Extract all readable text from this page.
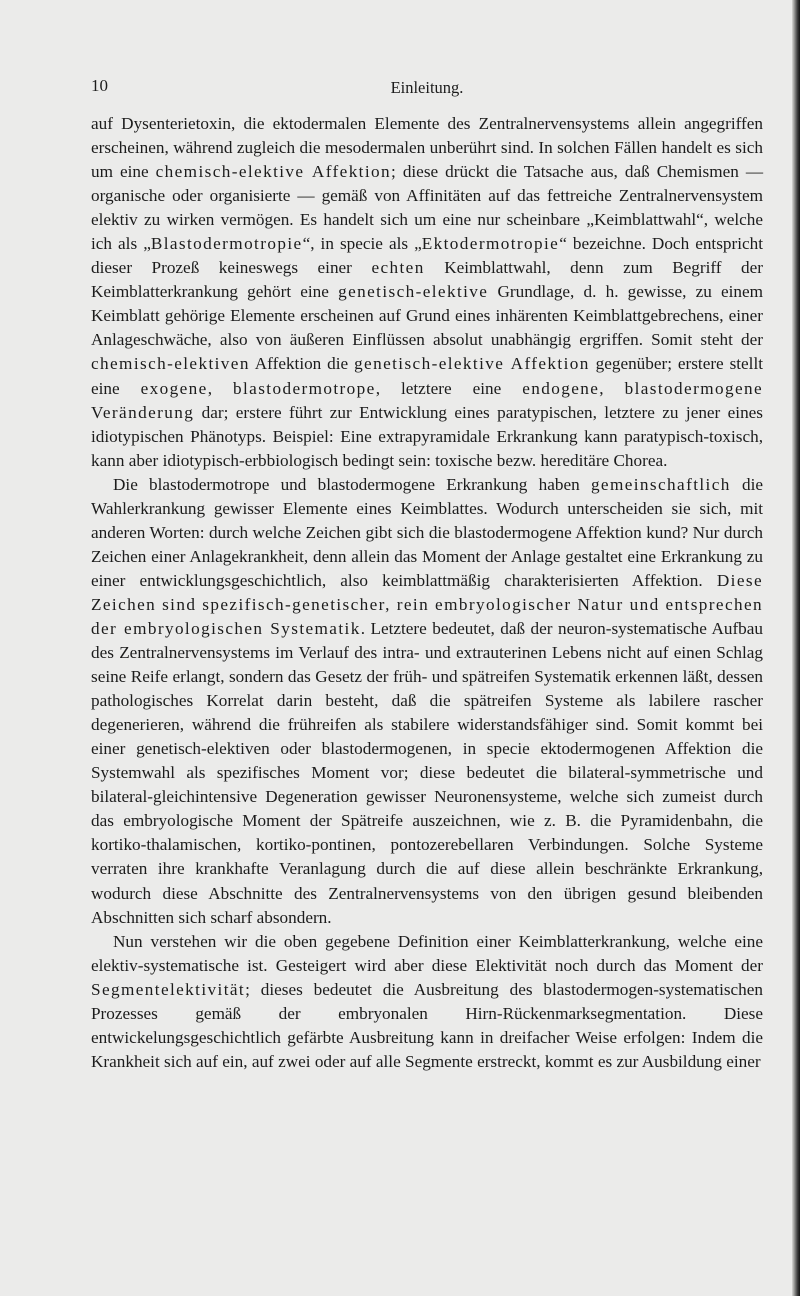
10	Einleitung.

auf Dysenterietoxin, die ektodermalen Elemente des Zentralnervensystems allein angegriffen erscheinen, während zugleich die mesodermalen unberührt sind. In solchen Fällen handelt es sich um eine chemisch-elektive Affektion; diese drückt die Tatsache aus, daß Chemismen — organische oder organisierte — gemäß von Affinitäten auf das fettreiche Zentralnervensystem elektiv zu wirken vermögen. Es handelt sich um eine nur scheinbare „Keimblattwahl“, welche ich als „Blastodermotropie“, in specie als „Ektodermotropie“ bezeichne. Doch entspricht dieser Prozeß keineswegs einer echten Keimblattwahl, denn zum Begriff der Keimblatterkrankung gehört eine genetisch-elektive Grundlage, d. h. gewisse, zu einem Keimblatt gehörige Elemente erscheinen auf Grund eines inhärenten Keimblattgebrechens, einer Anlageschwäche, also von äußeren Einflüssen absolut unabhängig ergriffen. Somit steht der chemisch-elektiven Affektion die genetisch-elektive Affektion gegenüber; erstere stellt eine exogene, blastodermotrope, letztere eine endogene, blastodermogene Veränderung dar; erstere führt zur Entwicklung eines paratypischen, letztere zu jener eines idiotypischen Phänotyps. Beispiel: Eine extrapyramidale Erkrankung kann paratypisch-toxisch, kann aber idiotypisch-erbbiologisch bedingt sein: toxische bezw. hereditäre Chorea.

Die blastodermotrope und blastodermogene Erkrankung haben gemeinschaftlich die Wahlerkrankung gewisser Elemente eines Keimblattes. Wodurch unterscheiden sie sich, mit anderen Worten: durch welche Zeichen gibt sich die blastodermogene Affektion kund? Nur durch Zeichen einer Anlagekrankheit, denn allein das Moment der Anlage gestaltet eine Erkrankung zu einer entwicklungsgeschichtlich, also keimblattmäßig charakterisierten Affektion. Diese Zeichen sind spezifisch-genetischer, rein embryologischer Natur und entsprechen der embryologischen Systematik. Letztere bedeutet, daß der neuron-systematische Aufbau des Zentralnervensystems im Verlauf des intra- und extrauterinen Lebens nicht auf einen Schlag seine Reife erlangt, sondern das Gesetz der früh- und spätreifen Systematik erkennen läßt, dessen pathologisches Korrelat darin besteht, daß die spätreifen Systeme als labilere rascher degenerieren, während die frühreifen als stabilere widerstandsfähiger sind. Somit kommt bei einer genetisch-elektiven oder blastodermogenen, in specie ektodermogenen Affektion die Systemwahl als spezifisches Moment vor; diese bedeutet die bilateral-symmetrische und bilateral-gleichintensive Degeneration gewisser Neuronensysteme, welche sich zumeist durch das embryologische Moment der Spätreife auszeichnen, wie z. B. die Pyramidenbahn, die kortiko-thalamischen, kortiko-pontinen, pontozerebellaren Verbindungen. Solche Systeme verraten ihre krankhafte Veranlagung durch die auf diese allein beschränkte Erkrankung, wodurch diese Abschnitte des Zentralnervensystems von den übrigen gesund bleibenden Abschnitten sich scharf absondern.

Nun verstehen wir die oben gegebene Definition einer Keimblatterkrankung, welche eine elektiv-systematische ist. Gesteigert wird aber diese Elektivität noch durch das Moment der Segmentelektivität; dieses bedeutet die Ausbreitung des blastodermogen-systematischen Prozesses gemäß der embryonalen Hirn-Rückenmarksegmentation. Diese entwickelungsgeschichtlich gefärbte Ausbreitung kann in dreifacher Weise erfolgen: Indem die Krankheit sich auf ein, auf zwei oder auf alle Segmente erstreckt, kommt es zur Ausbildung einer
